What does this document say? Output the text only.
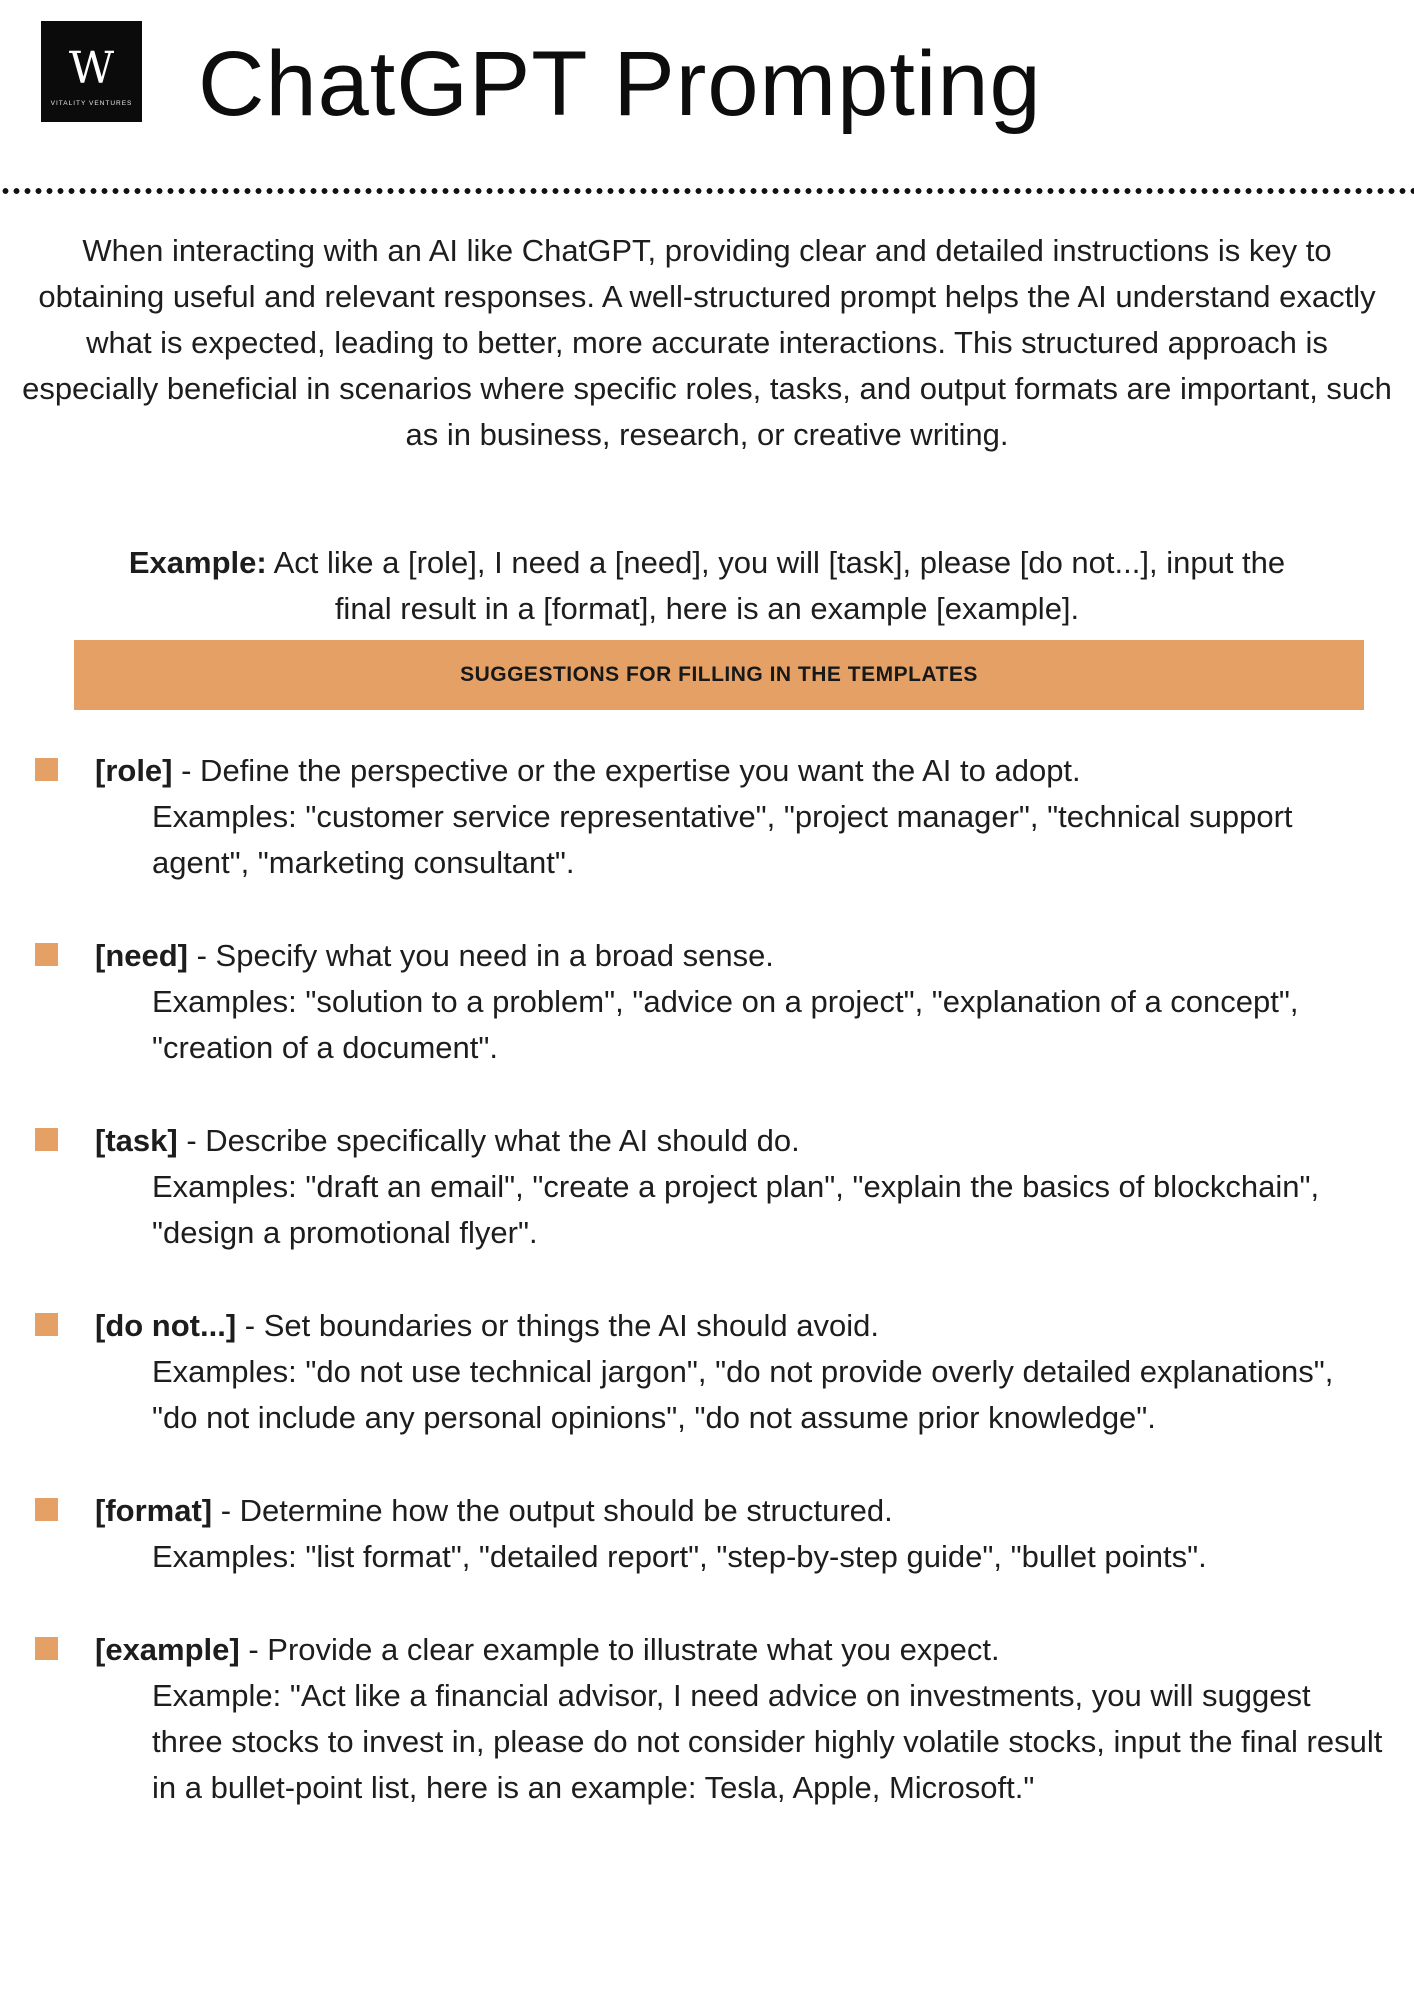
W
VITALITY VENTURES ChatGPT Prompting

When interacting with an AI like ChatGPT, providing clear and detailed instructions is key to obtaining useful and relevant responses. A well-structured prompt helps the AI understand exactly what is expected, leading to better, more accurate interactions. This structured approach is especially beneficial in scenarios where specific roles, tasks, and output formats are important, such as in business, research, or creative writing.

Example: Act like a [role], I need a [need], you will [task], please [do not...], input the final result in a [format], here is an example [example].

SUGGESTIONS FOR FILLING IN THE TEMPLATES

[role] - Define the perspective or the expertise you want the AI to adopt.

Examples: "customer service representative", "project manager", "technical support agent", "marketing consultant".

[need] - Specify what you need in a broad sense.

Examples: "solution to a problem", "advice on a project", "explanation of a concept", "creation of a document".

[task] - Describe specifically what the AI should do.

Examples: "draft an email", "create a project plan", "explain the basics of blockchain", "design a promotional flyer".

[do not...] - Set boundaries or things the AI should avoid.

Examples: "do not use technical jargon", "do not provide overly detailed explanations", "do not include any personal opinions", "do not assume prior knowledge".

[format] - Determine how the output should be structured.

Examples: "list format", "detailed report", "step-by-step guide", "bullet points".

[example] - Provide a clear example to illustrate what you expect.

Example: "Act like a financial advisor, I need advice on investments, you will suggest three stocks to invest in, please do not consider highly volatile stocks, input the final result in a bullet-point list, here is an example: Tesla, Apple, Microsoft."
